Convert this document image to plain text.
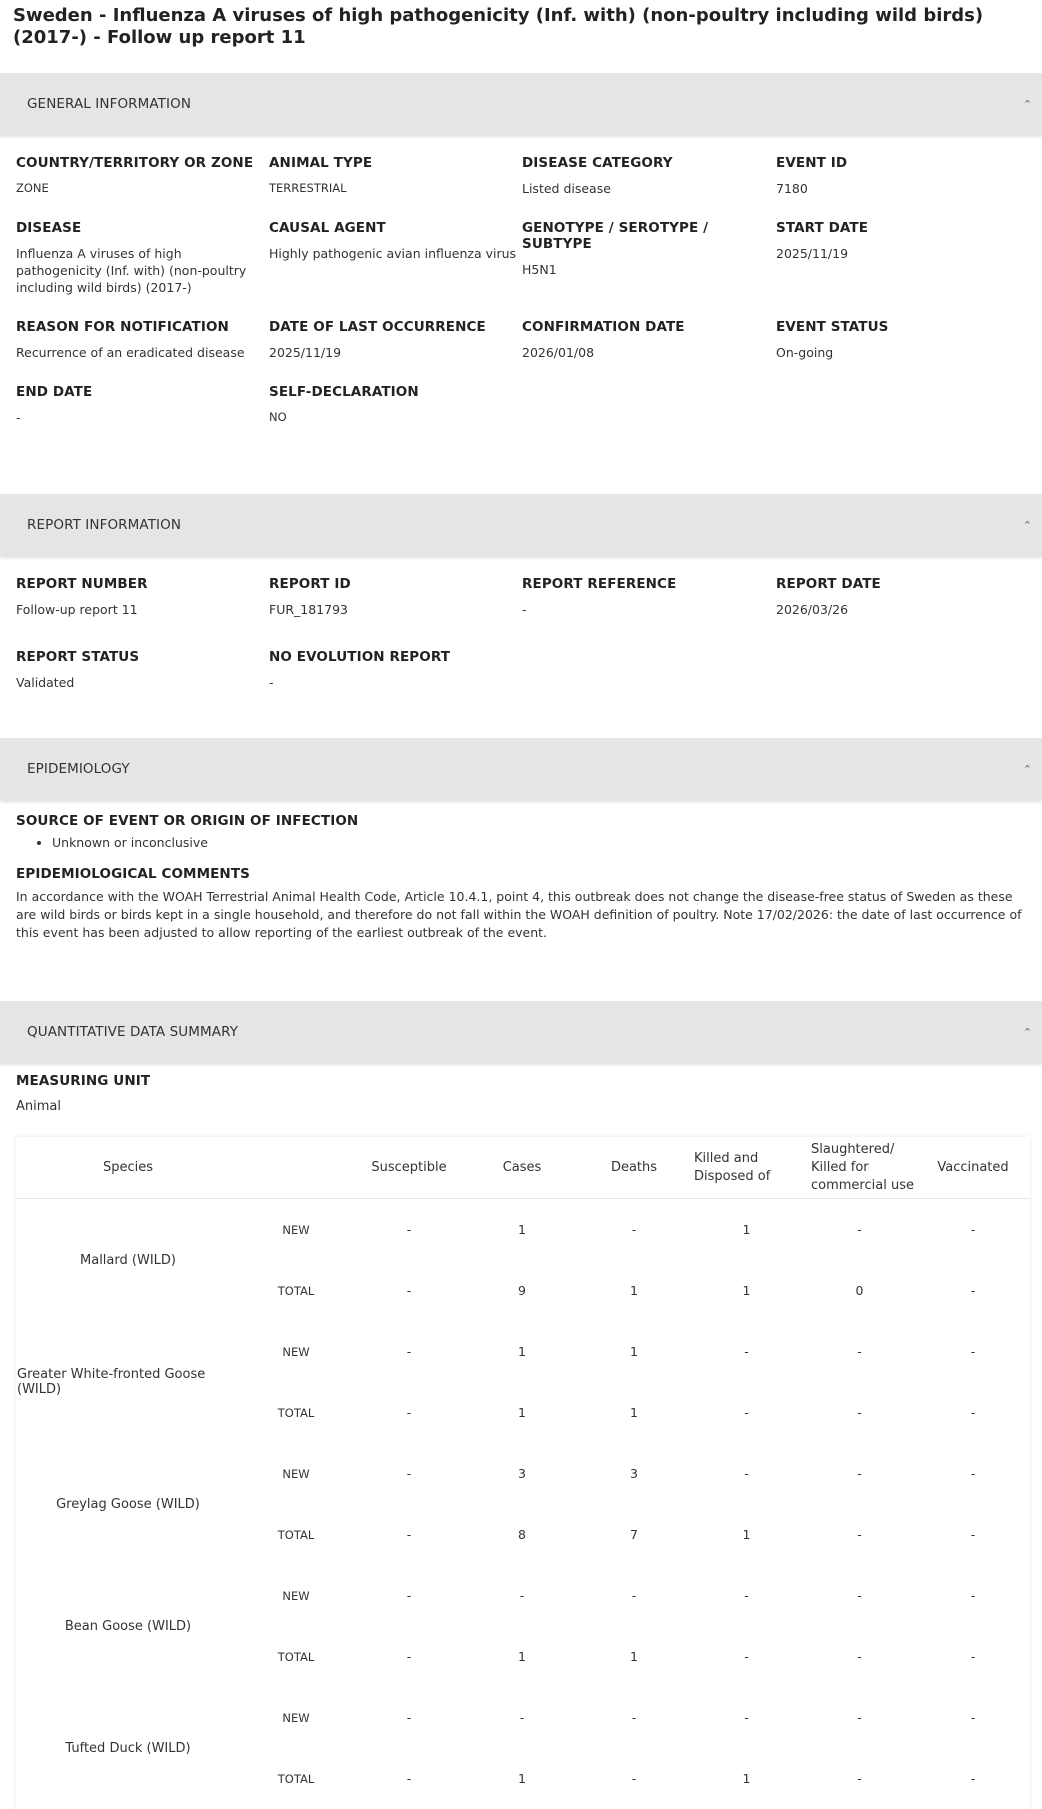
Sweden - Influenza A viruses of high pathogenicity (Inf. with) (non-poultry including wild birds) (2017-) - Follow up report 11
GENERAL INFORMATION	⌃
COUNTRY/TERRITORY OR ZONE
ZONE
ANIMAL TYPE
TERRESTRIAL
DISEASE CATEGORY
Listed disease
EVENT ID
7180
DISEASE
Influenza A viruses of high pathogenicity (Inf. with) (non-poultry including wild birds) (2017-)
CAUSAL AGENT
Highly pathogenic avian influenza virus
GENOTYPE / SEROTYPE / SUBTYPE
H5N1
START DATE
2025/11/19
REASON FOR NOTIFICATION
Recurrence of an eradicated disease
DATE OF LAST OCCURRENCE
2025/11/19
CONFIRMATION DATE
2026/01/08
EVENT STATUS
On-going
END DATE
-
SELF-DECLARATION
NO
REPORT INFORMATION	⌃
REPORT NUMBER
Follow-up report 11
REPORT ID
FUR_181793
REPORT REFERENCE
-
REPORT DATE
2026/03/26
REPORT STATUS
Validated
NO EVOLUTION REPORT
-
EPIDEMIOLOGY	⌃
SOURCE OF EVENT OR ORIGIN OF INFECTION
• Unknown or inconclusive
EPIDEMIOLOGICAL COMMENTS
In accordance with the WOAH Terrestrial Animal Health Code, Article 10.4.1, point 4, this outbreak does not change the disease-free status of Sweden as these are wild birds or birds kept in a single household, and therefore do not fall within the WOAH definition of poultry. Note 17/02/2026: the date of last occurrence of this event has been adjusted to allow reporting of the earliest outbreak of the event.
QUANTITATIVE DATA SUMMARY	⌃
MEASURING UNIT
Animal
Species		Susceptible	Cases	Deaths	Killed and Disposed of	Slaughtered/ Killed for commercial use	Vaccinated
Mallard (WILD)	NEW	-	1	-	1	-	-
	TOTAL	-	9	1	1	0	-
Greater White-fronted Goose (WILD)	NEW	-	1	1	-	-	-
	TOTAL	-	1	1	-	-	-
Greylag Goose (WILD)	NEW	-	3	3	-	-	-
	TOTAL	-	8	7	1	-	-
Bean Goose (WILD)	NEW	-	-	-	-	-	-
	TOTAL	-	1	1	-	-	-
Tufted Duck (WILD)	NEW	-	-	-	-	-	-
	TOTAL	-	1	-	1	-	-
